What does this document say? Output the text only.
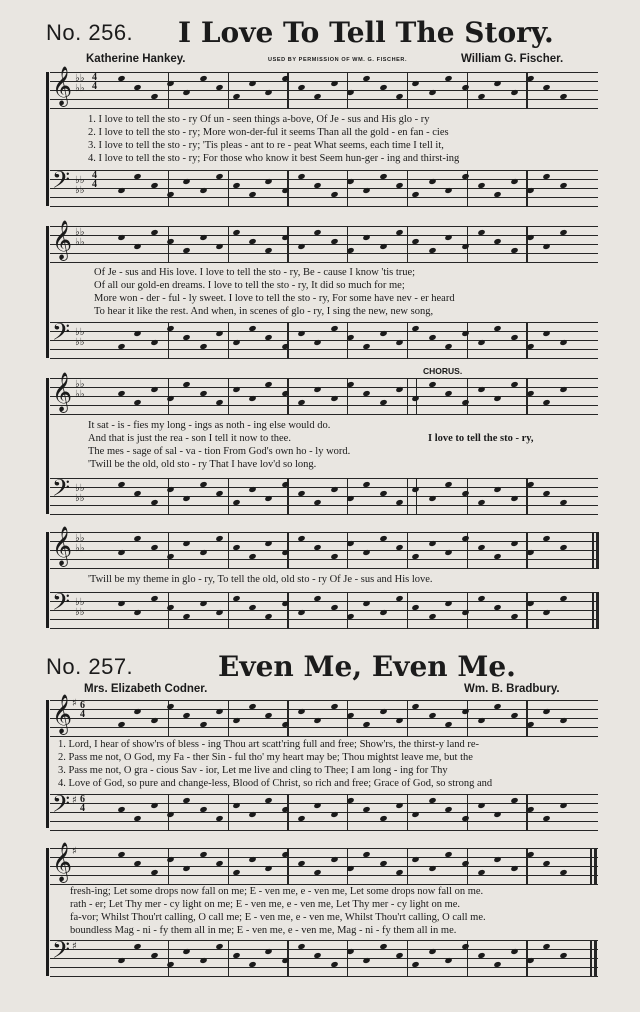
No. 256. I Love To Tell The Story.
Katherine Hankey.	USED BY PERMISSION OF WM. G. FISCHER.	William G. Fischer.
𝄞 ♭♭
♭♭
4
4
1. I love to tell the sto - ry Of un - seen things a-bove, Of Je - sus and His glo - ry
2. I love to tell the sto - ry; More won-der-ful it seems Than all the gold - en fan - cies
3. I love to tell the sto - ry; 'Tis pleas - ant to re - peat What seems, each time I tell it,
4. I love to tell the sto - ry; For those who know it best Seem hun-ger - ing and thirst-ing
𝄢 ♭♭
♭♭
4
4
𝄞 ♭♭
♭♭
Of Je - sus and His love. I love to tell the sto - ry, Be - cause I know 'tis true;
Of all our gold-en dreams. I love to tell the sto - ry, It did so much for me;
More won - der - ful - ly sweet. I love to tell the sto - ry, For some have nev - er heard
To hear it like the rest. And when, in scenes of glo - ry, I sing the new, new song,
𝄢 ♭♭
♭♭
CHORUS.
𝄞 ♭♭
♭♭
It sat - is - fies my long - ings as noth - ing else would do.
And that is just the rea - son I tell it now to thee.
The mes - sage of sal - va - tion From God's own ho - ly word.
'Twill be the old, old sto - ry That I have lov'd so long.
I love to tell the sto - ry,
𝄢 ♭♭
♭♭
𝄞 ♭♭
♭♭
'Twill be my theme in glo - ry, To tell the old, old sto - ry Of Je - sus and His love.
𝄢 ♭♭
♭♭
No. 257.	Even Me, Even Me.
Mrs. Elizabeth Codner.	Wm. B. Bradbury.
𝄞 ♯ 6
4
1. Lord, I hear of show'rs of bless - ing Thou art scatt'ring full and free; Show'rs, the thirst-y land re-
2. Pass me not, O God, my Fa - ther Sin - ful tho' my heart may be; Thou mightst leave me, but the
3. Pass me not, O gra - cious Sav - ior, Let me live and cling to Thee; I am long - ing for Thy
4. Love of God, so pure and change-less, Blood of Christ, so rich and free; Grace of God, so strong and
𝄢 ♯ 6
4
𝄞 ♯
fresh-ing; Let some drops now fall on me; E - ven me, e - ven me, Let some drops now fall on me.
rath - er; Let Thy mer - cy light on me; E - ven me, e - ven me, Let Thy mer - cy light on me.
fa-vor; Whilst Thou'rt calling, O call me; E - ven me, e - ven me, Whilst Thou'rt calling, O call me.
boundless Mag - ni - fy them all in me; E - ven me, e - ven me, Mag - ni - fy them all in me.
𝄢 ♯
